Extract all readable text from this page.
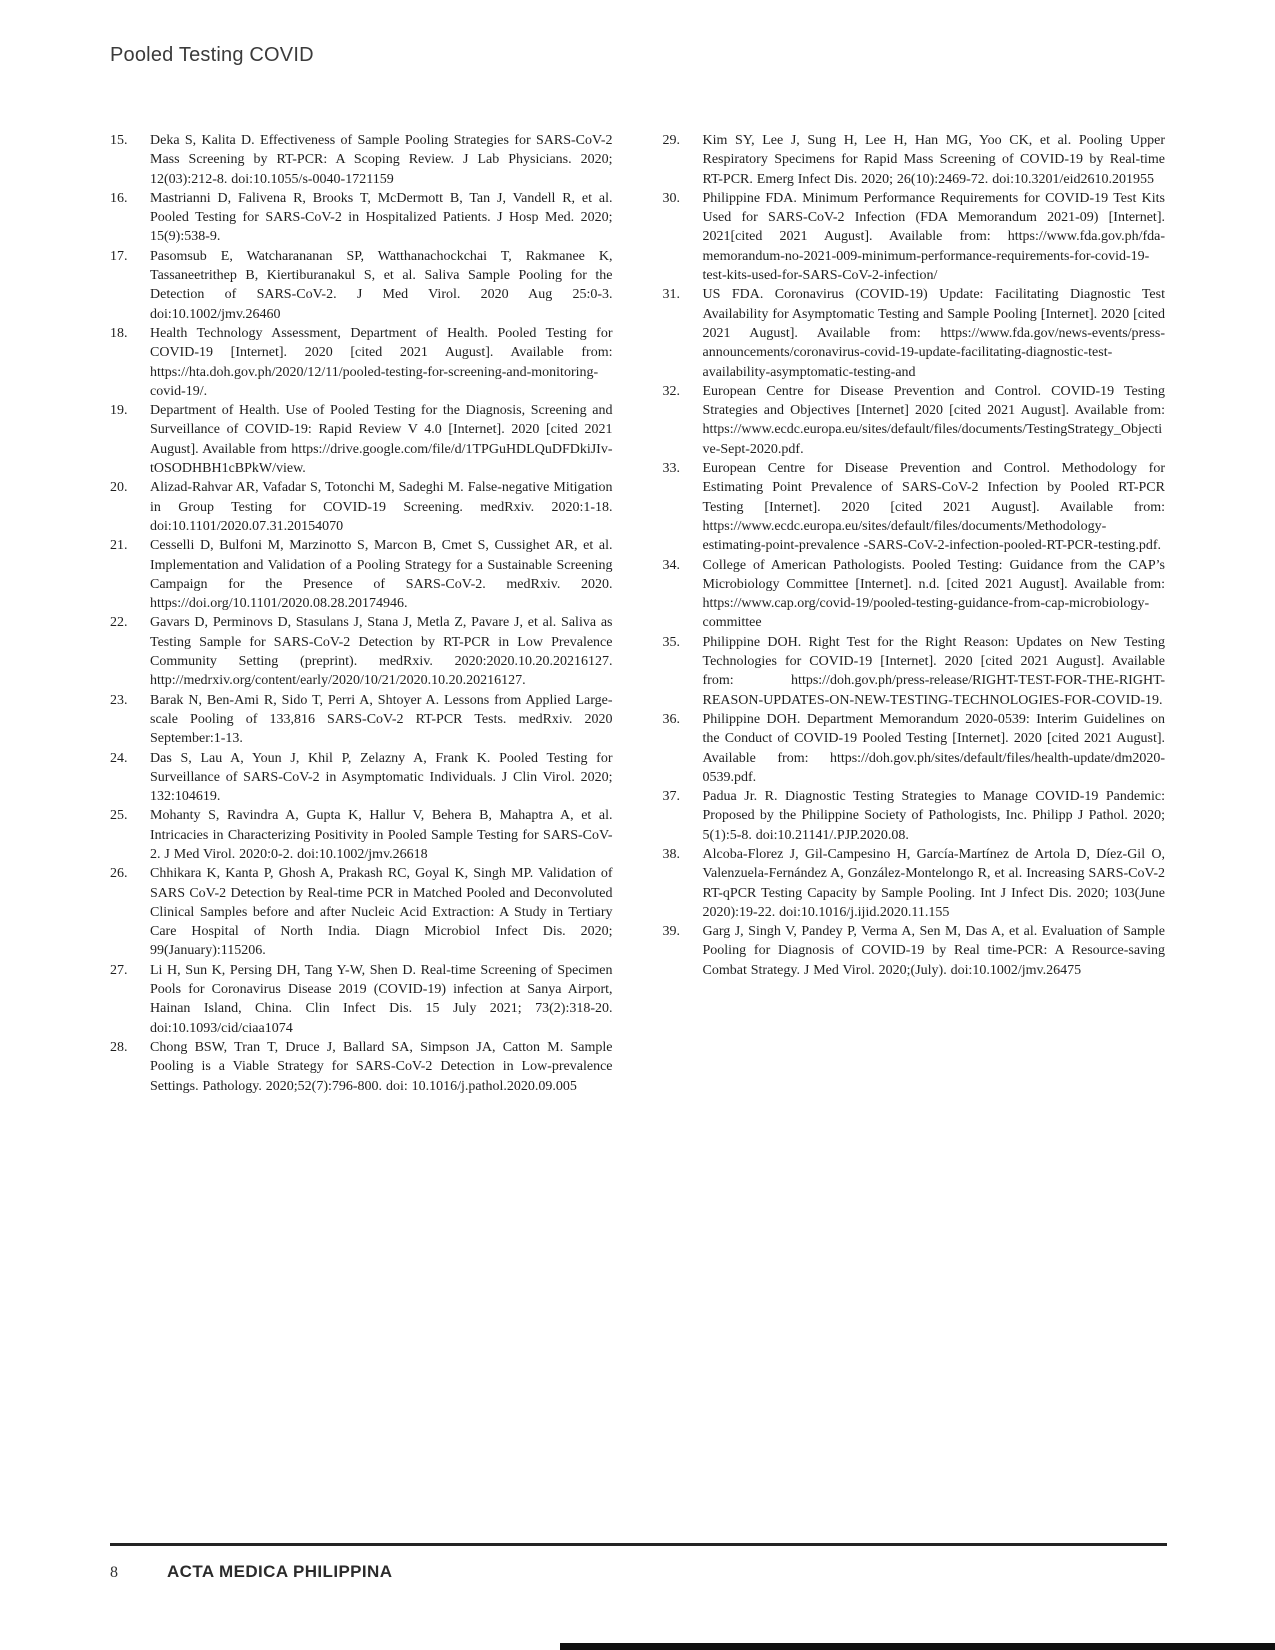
Pooled Testing COVID
15.	Deka S, Kalita D. Effectiveness of Sample Pooling Strategies for SARS-CoV-2 Mass Screening by RT-PCR: A Scoping Review. J Lab Physicians. 2020; 12(03):212-8. doi:10.1055/s-0040-1721159
16.	Mastrianni D, Falivena R, Brooks T, McDermott B, Tan J, Vandell R, et al. Pooled Testing for SARS-CoV-2 in Hospitalized Patients. J Hosp Med. 2020; 15(9):538-9.
17.	Pasomsub E, Watcharananan SP, Watthanachockchai T, Rakmanee K, Tassaneetrithep B, Kiertiburanakul S, et al. Saliva Sample Pooling for the Detection of SARS-CoV-2. J Med Virol. 2020 Aug 25:0-3. doi:10.1002/jmv.26460
18.	Health Technology Assessment, Department of Health. Pooled Testing for COVID-19 [Internet]. 2020 [cited 2021 August]. Available from: https://hta.doh.gov.ph/2020/12/11/pooled-testing-for-screening-and-monitoring-covid-19/.
19.	Department of Health. Use of Pooled Testing for the Diagnosis, Screening and Surveillance of COVID-19: Rapid Review V 4.0 [Internet]. 2020 [cited 2021 August]. Available from https://drive.google.com/file/d/1TPGuHDLQuDFDkiJIv-tOSODHBH1cBPkW/view.
20.	Alizad-Rahvar AR, Vafadar S, Totonchi M, Sadeghi M. False-negative Mitigation in Group Testing for COVID-19 Screening. medRxiv. 2020:1-18. doi:10.1101/2020.07.31.20154070
21.	Cesselli D, Bulfoni M, Marzinotto S, Marcon B, Cmet S, Cussighet AR, et al. Implementation and Validation of a Pooling Strategy for a Sustainable Screening Campaign for the Presence of SARS-CoV-2. medRxiv. 2020. https://doi.org/10.1101/2020.08.28.20174946.
22.	Gavars D, Perminovs D, Stasulans J, Stana J, Metla Z, Pavare J, et al. Saliva as Testing Sample for SARS-CoV-2 Detection by RT-PCR in Low Prevalence Community Setting (preprint). medRxiv. 2020:2020.10.20.20216127. http://medrxiv.org/content/early/2020/10/21/2020.10.20.20216127.
23.	Barak N, Ben-Ami R, Sido T, Perri A, Shtoyer A. Lessons from Applied Large-scale Pooling of 133,816 SARS-CoV-2 RT-PCR Tests. medRxiv. 2020 September:1-13.
24.	Das S, Lau A, Youn J, Khil P, Zelazny A, Frank K. Pooled Testing for Surveillance of SARS-CoV-2 in Asymptomatic Individuals. J Clin Virol. 2020; 132:104619.
25.	Mohanty S, Ravindra A, Gupta K, Hallur V, Behera B, Mahaptra A, et al. Intricacies in Characterizing Positivity in Pooled Sample Testing for SARS-CoV-2. J Med Virol. 2020:0-2. doi:10.1002/jmv.26618
26.	Chhikara K, Kanta P, Ghosh A, Prakash RC, Goyal K, Singh MP. Validation of SARS CoV-2 Detection by Real-time PCR in Matched Pooled and Deconvoluted Clinical Samples before and after Nucleic Acid Extraction: A Study in Tertiary Care Hospital of North India. Diagn Microbiol Infect Dis. 2020; 99(January):115206.
27.	Li H, Sun K, Persing DH, Tang Y-W, Shen D. Real-time Screening of Specimen Pools for Coronavirus Disease 2019 (COVID-19) infection at Sanya Airport, Hainan Island, China. Clin Infect Dis. 15 July 2021; 73(2):318-20. doi:10.1093/cid/ciaa1074
28.	Chong BSW, Tran T, Druce J, Ballard SA, Simpson JA, Catton M. Sample Pooling is a Viable Strategy for SARS-CoV-2 Detection in Low-prevalence Settings. Pathology. 2020;52(7):796-800. doi: 10.1016/j.pathol.2020.09.005
29.	Kim SY, Lee J, Sung H, Lee H, Han MG, Yoo CK, et al. Pooling Upper Respiratory Specimens for Rapid Mass Screening of COVID-19 by Real-time RT-PCR. Emerg Infect Dis. 2020; 26(10):2469-72. doi:10.3201/eid2610.201955
30.	Philippine FDA. Minimum Performance Requirements for COVID-19 Test Kits Used for SARS-CoV-2 Infection (FDA Memorandum 2021-09) [Internet]. 2021[cited 2021 August]. Available from: https://www.fda.gov.ph/fda-memorandum-no-2021-009-minimum-performance-requirements-for-covid-19-test-kits-used-for-SARS-CoV-2-infection/
31.	US FDA. Coronavirus (COVID-19) Update: Facilitating Diagnostic Test Availability for Asymptomatic Testing and Sample Pooling [Internet]. 2020 [cited 2021 August]. Available from: https://www.fda.gov/news-events/press-announcements/coronavirus-covid-19-update-facilitating-diagnostic-test-availability-asymptomatic-testing-and
32.	European Centre for Disease Prevention and Control. COVID-19 Testing Strategies and Objectives [Internet] 2020 [cited 2021 August]. Available from: https://www.ecdc.europa.eu/sites/default/files/documents/TestingStrategy_Objective-Sept-2020.pdf.
33.	European Centre for Disease Prevention and Control. Methodology for Estimating Point Prevalence of SARS-CoV-2 Infection by Pooled RT-PCR Testing [Internet]. 2020 [cited 2021 August]. Available from: https://www.ecdc.europa.eu/sites/default/files/documents/Methodology-estimating-point-prevalence -SARS-CoV-2-infection-pooled-RT-PCR-testing.pdf.
34.	College of American Pathologists. Pooled Testing: Guidance from the CAP’s Microbiology Committee [Internet]. n.d. [cited 2021 August]. Available from: https://www.cap.org/covid-19/pooled-testing-guidance-from-cap-microbiology-committee
35.	Philippine DOH. Right Test for the Right Reason: Updates on New Testing Technologies for COVID-19 [Internet]. 2020 [cited 2021 August]. Available from: https://doh.gov.ph/press-release/RIGHT-TEST-FOR-THE-RIGHT-REASON-UPDATES-ON-NEW-TESTING-TECHNOLOGIES-FOR-COVID-19.
36.	Philippine DOH. Department Memorandum 2020-0539: Interim Guidelines on the Conduct of COVID-19 Pooled Testing [Internet]. 2020 [cited 2021 August]. Available from: https://doh.gov.ph/sites/default/files/health-update/dm2020-0539.pdf.
37.	Padua Jr. R. Diagnostic Testing Strategies to Manage COVID-19 Pandemic: Proposed by the Philippine Society of Pathologists, Inc. Philipp J Pathol. 2020; 5(1):5-8. doi:10.21141/.PJP.2020.08.
38.	Alcoba-Florez J, Gil-Campesino H, García-Martínez de Artola D, Díez-Gil O, Valenzuela-Fernández A, González-Montelongo R, et al. Increasing SARS-CoV-2 RT-qPCR Testing Capacity by Sample Pooling. Int J Infect Dis. 2020; 103(June 2020):19-22. doi:10.1016/j.ijid.2020.11.155
39.	Garg J, Singh V, Pandey P, Verma A, Sen M, Das A, et al. Evaluation of Sample Pooling for Diagnosis of COVID-19 by Real time-PCR: A Resource-saving Combat Strategy. J Med Virol. 2020;(July). doi:10.1002/jmv.26475
8	ACTA MEDICA PHILIPPINA
